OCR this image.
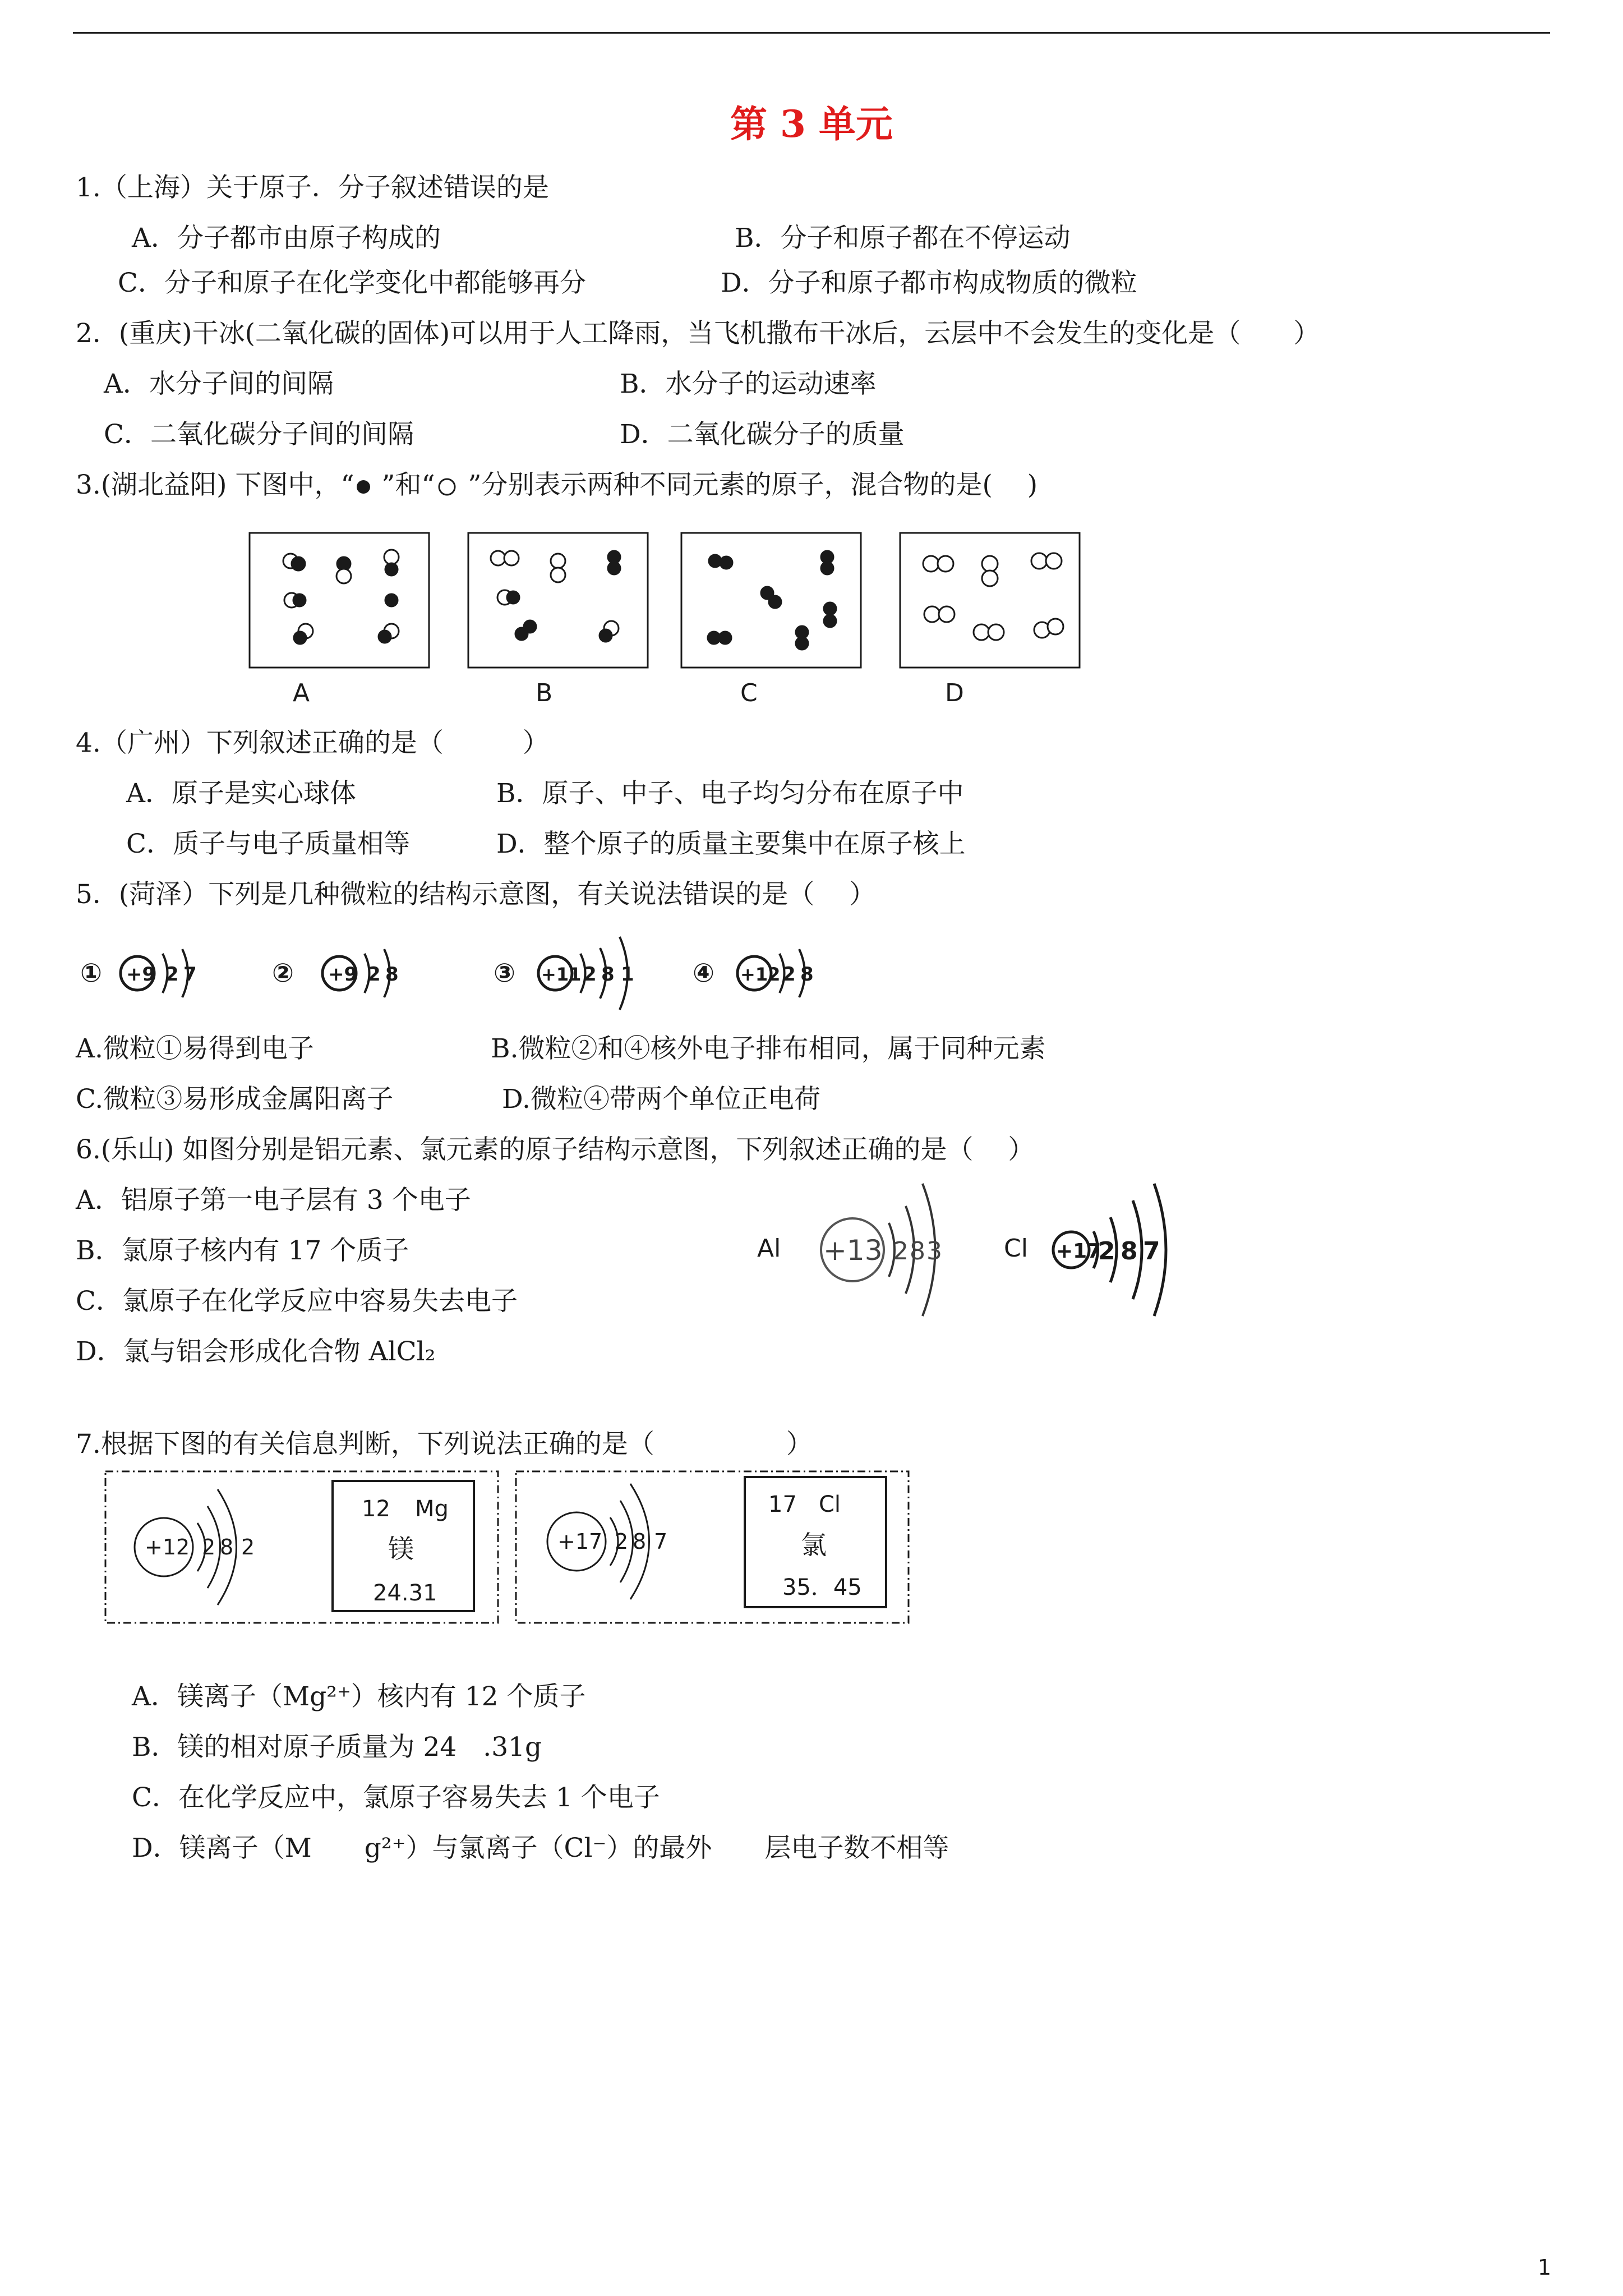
第 3 单元
1.（上海）关于原子．分子叙述错误的是
A．分子都市由原子构成的	B．分子和原子都在不停运动
C．分子和原子在化学变化中都能够再分	D．分子和原子都市构成物质的微粒
2．(重庆)干冰(二氧化碳的固体)可以用于人工降雨，当飞机撒布干冰后，云层中不会发生的变化是（　　）
A．水分子间的间隔	B．水分子的运动速率
C．二氧化碳分子间的间隔	D．二氧化碳分子的质量
3.(湖北益阳) 下图中，“ ”和“ ”分别表示两种不同元素的原子，混合物的是(　 )
A	B	C	D
4.（广州）下列叙述正确的是（　　　）
A．原子是实心球体	B．原子、中子、电子均匀分布在原子中
C．质子与电子质量相等	D．整个原子的质量主要集中在原子核上
5．(菏泽）下列是几种微粒的结构示意图，有关说法错误的是（　 ）
① +9 2 7	② +9 2 8	③ +11 2 8 1 ④ +12 2 8
A.微粒①易得到电子	B.微粒②和④核外电子排布相同，属于同种元素
C.微粒③易形成金属阳离子	D.微粒④带两个单位正电荷
6.(乐山) 如图分别是铝元素、氯元素的原子结构示意图，下列叙述正确的是（　 ）
A．铝原子第一电子层有 3 个电子
B．氯原子核内有 17 个质子
C．氯原子在化学反应中容易失去电子
D．氯与铝会形成化合物 AlCl₂
Al +13 2 8 3	Cl +17
2 8 7
7.根据下图的有关信息判断，下列说法正确的是（　　　　　）
+12 2 8 2
12 Mg
镁
24.31
+17 2 8 7
17 Cl
氯
35．45
A．镁离子（Mg²⁺）核内有 12 个质子
B．镁的相对原子质量为 24　.31g
C．在化学反应中，氯原子容易失去 1 个电子
D．镁离子（M　　g²⁺）与氯离子（Cl⁻）的最外　　层电子数不相等
1
